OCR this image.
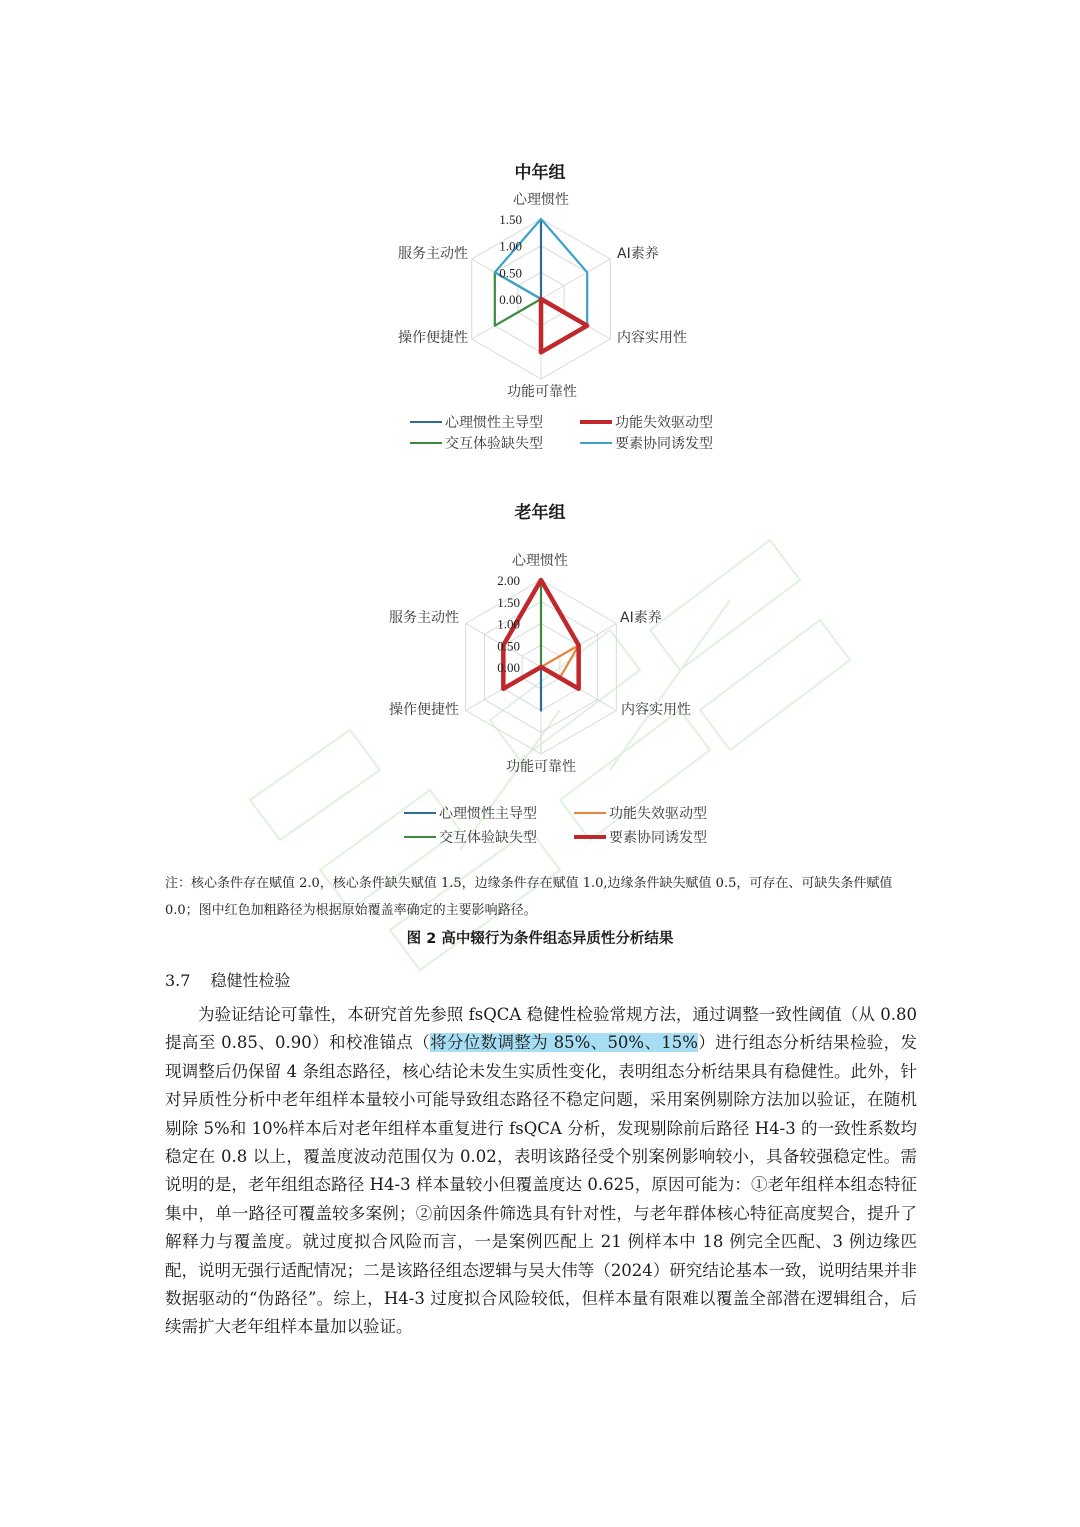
中年组
0.00
0.50
1.00
1.50
心理惯性
AI素养
内容实用性
功能可靠性
操作便捷性
服务主动性
心理惯性主导型	功能失效驱动型
交互体验缺失型	要素协同诱发型
老年组
0.00
0.50
1.00
1.50
2.00
心理惯性
AI素养
内容实用性
功能可靠性
操作便捷性
服务主动性
心理惯性主导型	功能失效驱动型
交互体验缺失型	要素协同诱发型
注：核心条件存在赋值 2.0，核心条件缺失赋值 1.5，边缘条件存在赋值 1.0,边缘条件缺失赋值 0.5，可存在、可缺失条件赋值 0.0；图中红色加粗路径为根据原始覆盖率确定的主要影响路径。
图 2 高中辍行为条件组态异质性分析结果
3.7 稳健性检验
为验证结论可靠性，本研究首先参照 fsQCA 稳健性检验常规方法，通过调整一致性阈值（从 0.80 提高至 0.85、0.90）和校准锚点（将分位数调整为 85%、50%、15%）进行组态分析结果检验，发现调整后仍保留 4 条组态路径，核心结论未发生实质性变化，表明组态分析结果具有稳健性。此外，针对异质性分析中老年组样本量较小可能导致组态路径不稳定问题，采用案例剔除方法加以验证，在随机剔除 5%和 10%样本后对老年组样本重复进行 fsQCA 分析，发现剔除前后路径 H4-3 的一致性系数均稳定在 0.8 以上，覆盖度波动范围仅为 0.02，表明该路径受个别案例影响较小，具备较强稳定性。需说明的是，老年组组态路径 H4-3 样本量较小但覆盖度达 0.625，原因可能为：①老年组样本组态特征集中，单一路径可覆盖较多案例；②前因条件筛选具有针对性，与老年群体核心特征高度契合，提升了解释力与覆盖度。就过度拟合风险而言，一是案例匹配上 21 例样本中 18 例完全匹配、3 例边缘匹配，说明无强行适配情况；二是该路径组态逻辑与吴大伟等（2024）研究结论基本一致，说明结果并非数据驱动的“伪路径”。综上，H4-3 过度拟合风险较低，但样本量有限难以覆盖全部潜在逻辑组合，后续需扩大老年组样本量加以验证。
